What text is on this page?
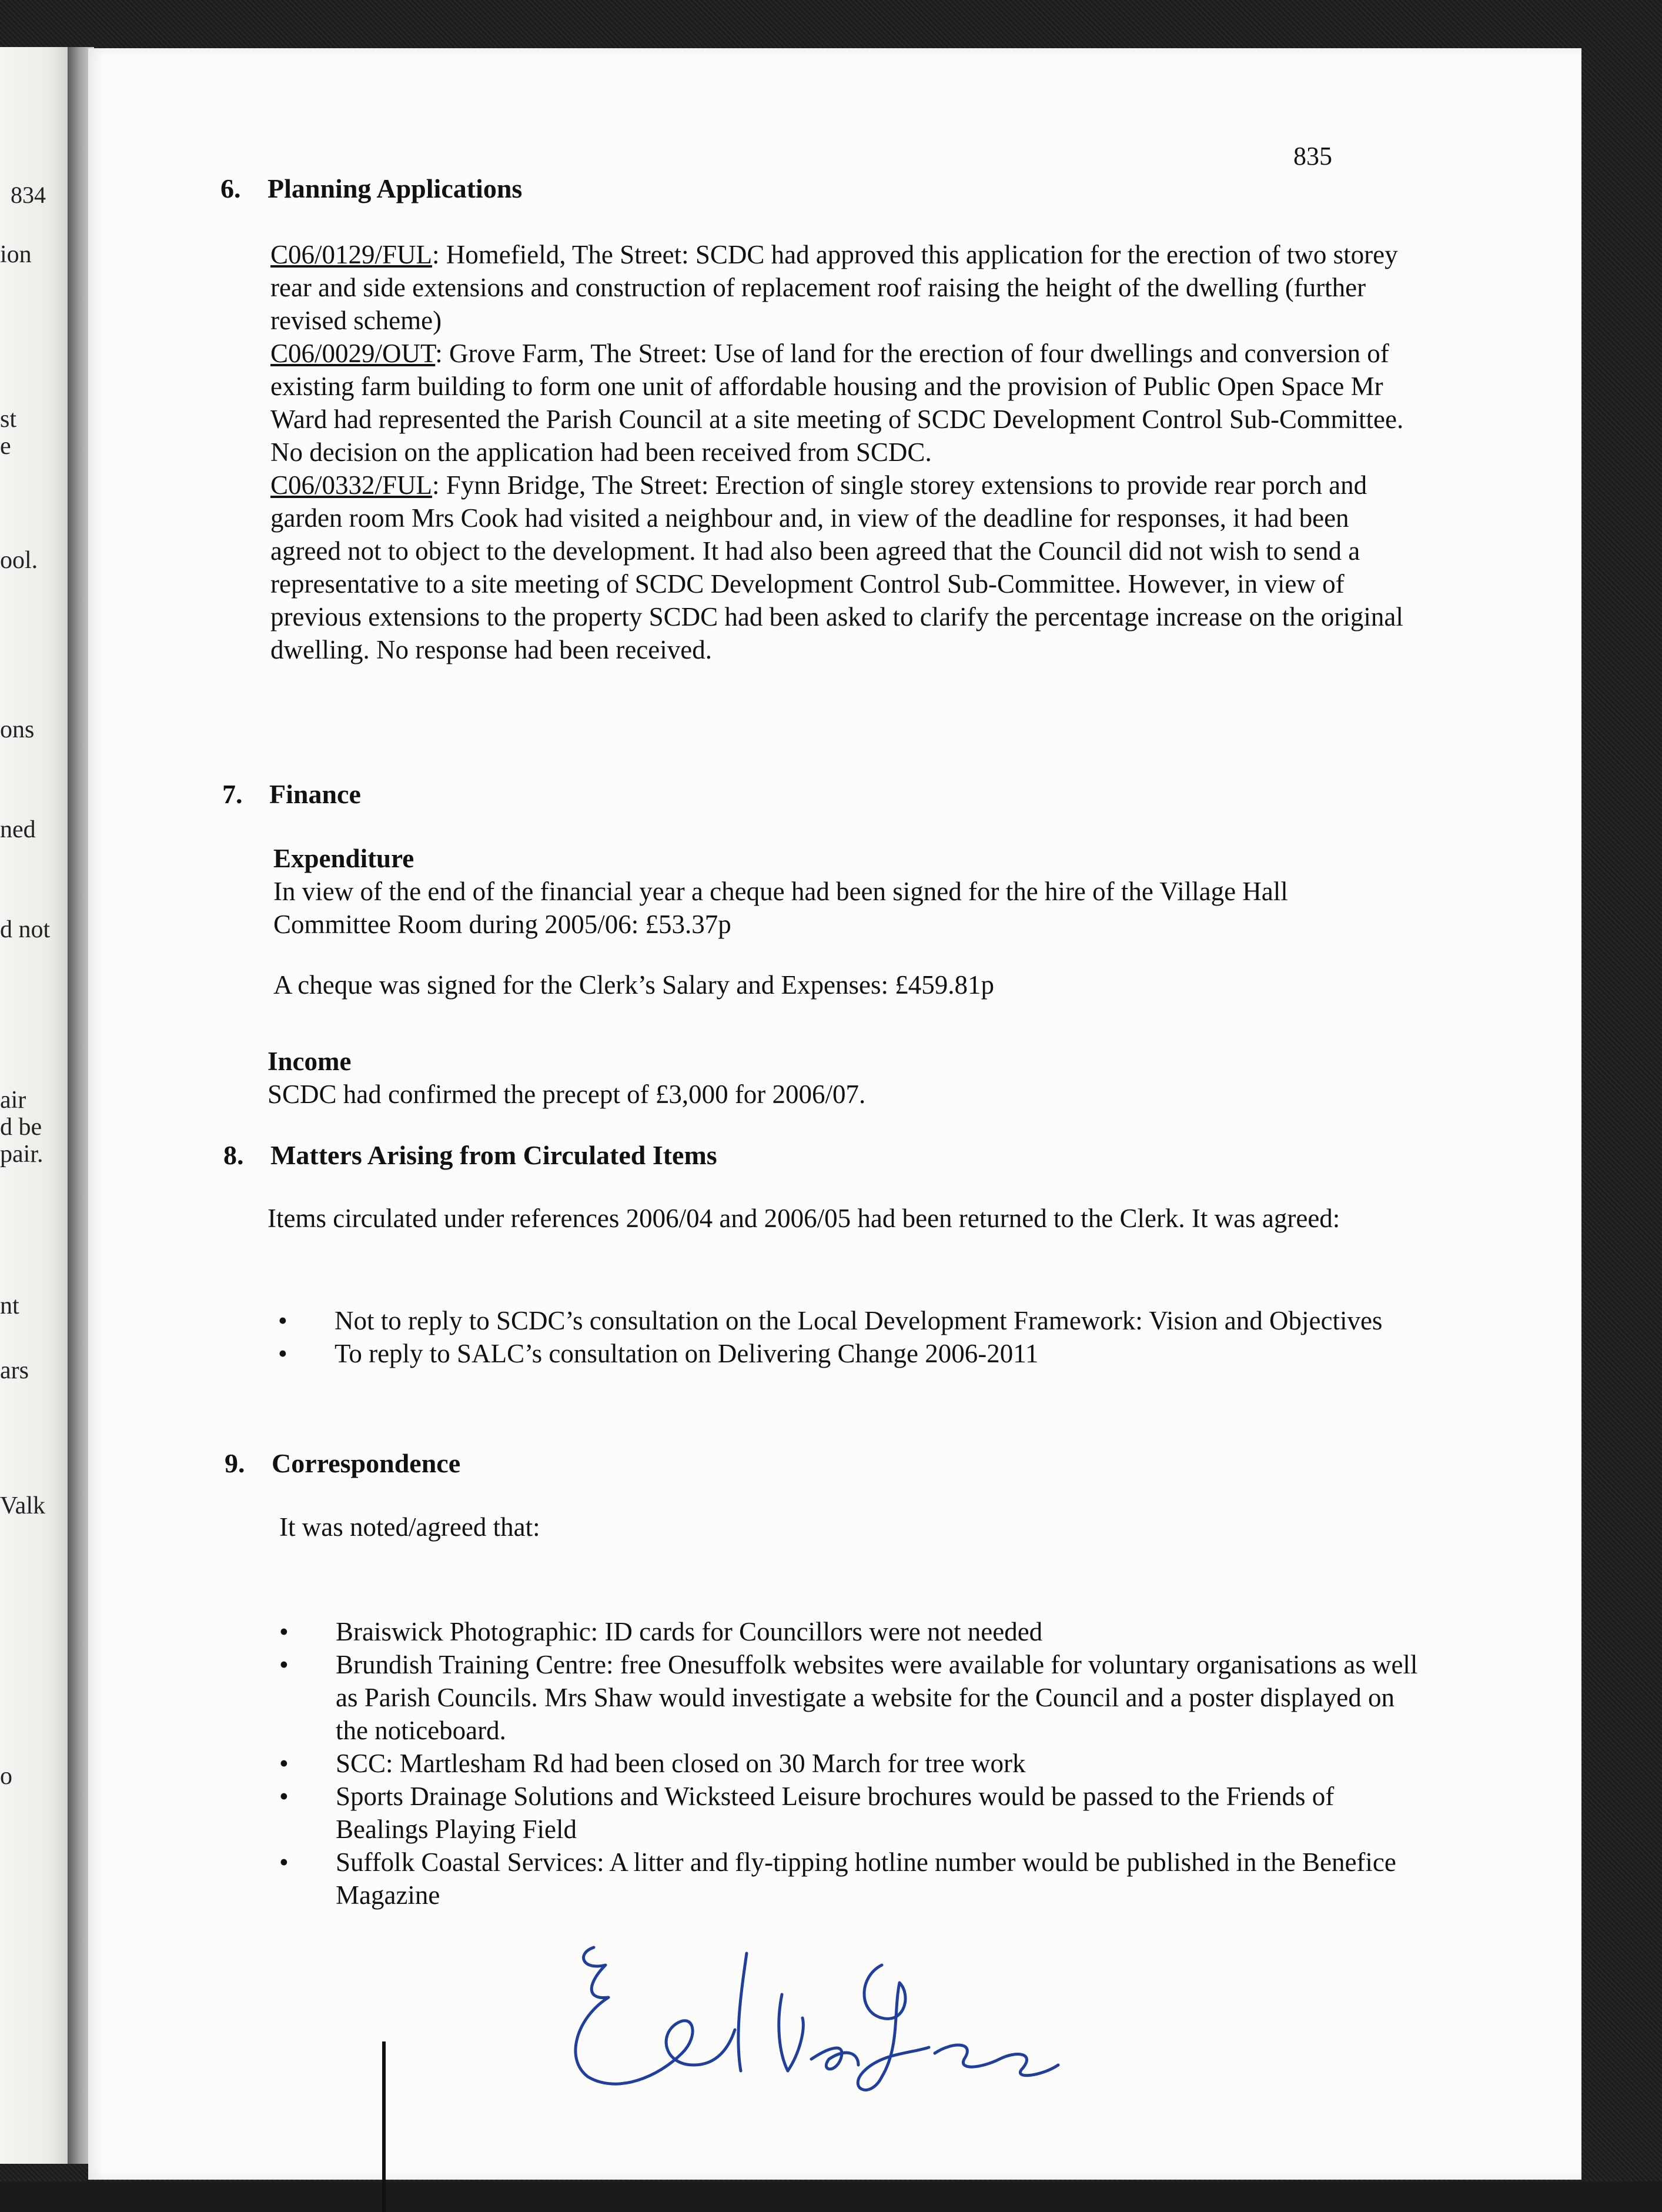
834
ion
st
e
ool.
ons
ned
d not
air
d be
pair.
nt
ars
Valk
o
835
6. Planning Applications

C06/0129/FUL: Homefield, The Street: SCDC had approved this application for the erection of two storey rear and side extensions and construction of replacement roof raising the height of the dwelling (further revised scheme)

C06/0029/OUT: Grove Farm, The Street: Use of land for the erection of four dwellings and conversion of existing farm building to form one unit of affordable housing and the provision of Public Open Space Mr Ward had represented the Parish Council at a site meeting of SCDC Development Control Sub-Committee. No decision on the application had been received from SCDC.

C06/0332/FUL: Fynn Bridge, The Street: Erection of single storey extensions to provide rear porch and garden room Mrs Cook had visited a neighbour and, in view of the deadline for responses, it had been agreed not to object to the development. It had also been agreed that the Council did not wish to send a representative to a site meeting of SCDC Development Control Sub-Committee. However, in view of previous extensions to the property SCDC had been asked to clarify the percentage increase on the original dwelling. No response had been received.

7. Finance

Expenditure

In view of the end of the financial year a cheque had been signed for the hire of the Village Hall Committee Room during 2005/06: £53.37p

A cheque was signed for the Clerk’s Salary and Expenses: £459.81p

Income

SCDC had confirmed the precept of £3,000 for 2006/07.

8. Matters Arising from Circulated Items

Items circulated under references 2006/04 and 2006/05 had been returned to the Clerk. It was agreed:

•	Not to reply to SCDC’s consultation on the Local Development Framework: Vision and Objectives
•	To reply to SALC’s consultation on Delivering Change 2006-2011
9. Correspondence

It was noted/agreed that:

•	Braiswick Photographic: ID cards for Councillors were not needed
•	Brundish Training Centre: free Onesuffolk websites were available for voluntary organisations as well as Parish Councils. Mrs Shaw would investigate a website for the Council and a poster displayed on the noticeboard.
•	SCC: Martlesham Rd had been closed on 30 March for tree work
•	Sports Drainage Solutions and Wicksteed Leisure brochures would be passed to the Friends of Bealings Playing Field
•	Suffolk Coastal Services: A litter and fly-tipping hotline number would be published in the Benefice Magazine
